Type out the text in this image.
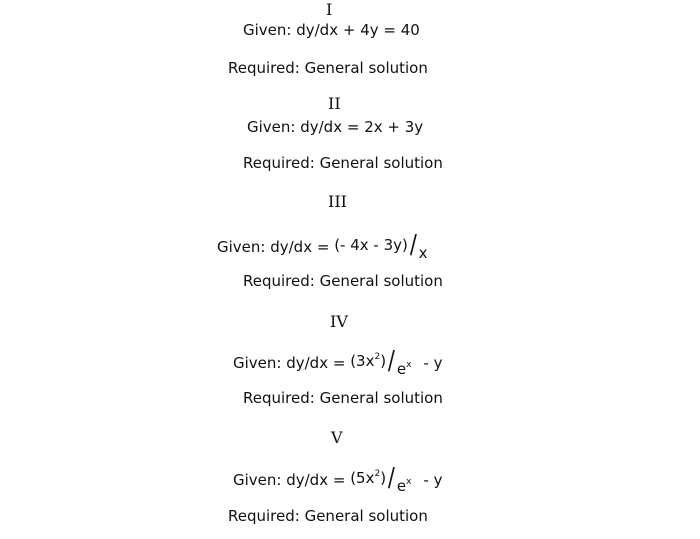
I
Given: dy/dx + 4y = 40
Required: General solution
II
Given: dy/dx = 2x + 3y
Required: General solution
III
Given: dy/dx = (- 4x - 3y)/ x
Required: General solution
IV
Given: $dy/dx = (3x^2)/$ $e^x$ - y
Required: General solution
V
Given: $dy/dx = (5x^2)/$ $e^x$ - y
Required: General solution
